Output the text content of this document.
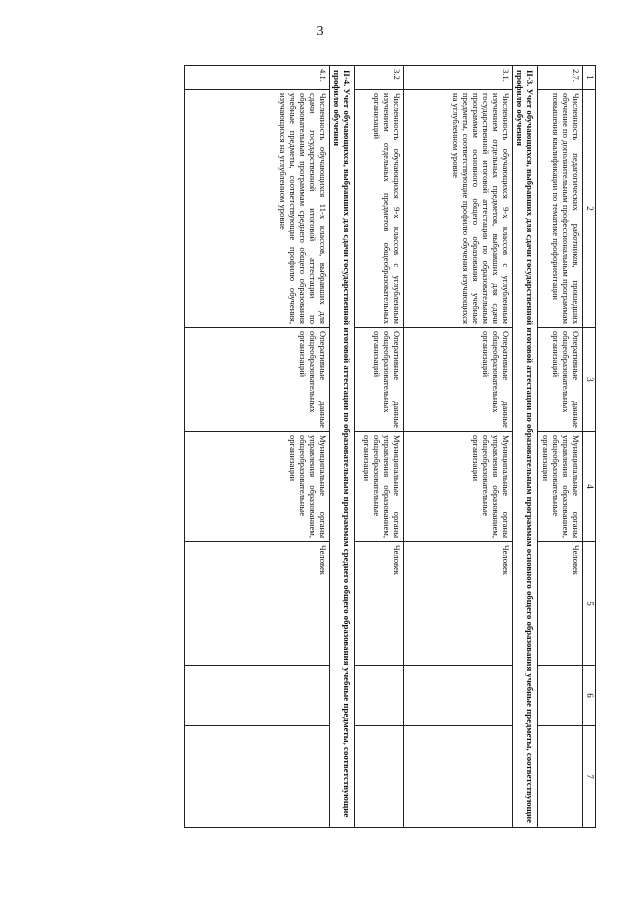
3
1	2	3	4	5	6	7
2.7.	Численность педагогических работников, прошедших обучение по дополнительным профессиональным программам повышения квалификации по тематике профориентации	Оперативные данные общеобразовательных организаций	Муниципальные органы управления образованием, общеобразовательные организации	Человек		
II-3. Учет обучающихся, выбравших для сдачи государственной итоговой аттестации по образовательным программам основного общего образования учебные предметы, соответствующие профилю обучения						
3.1.	Численность обучающихся 9-х классов с углубленным изучением отдельных предметов, выбравших для сдачи государственной итоговой аттестации по образовательным программам основного общего образования учебные предметы, соответствующие профилю обучения изучающихся на углубленном уровне	Оперативные данные общеобразовательных организаций	Муниципальные органы управления образованием, общеобразовательные организации	Человек		
3.2	Численность обучающихся 9-х классов с углубленным изучением отдельных предметов общеобразовательных организаций	Оперативные данные общеобразовательных организаций	Муниципальные органы управления образованием, общеобразовательные организации	Человек		
II-4. Учет обучающихся, выбравших для сдачи государственной итоговой аттестации по образовательным программам среднего общего образования учебные предметы, соответствующие профилю обучения						
4.1.	Численность обучающихся 11-х классов, выбравших для сдачи государственной итоговой аттестации по образовательным программам среднего общего образования учебные предметы, соответствующие профилю обучения, изучающихся на углубленном уровне	Оперативные данные общеобразовательных организаций	Муниципальные органы управления образованием, общеобразовательные организации	Человек		
